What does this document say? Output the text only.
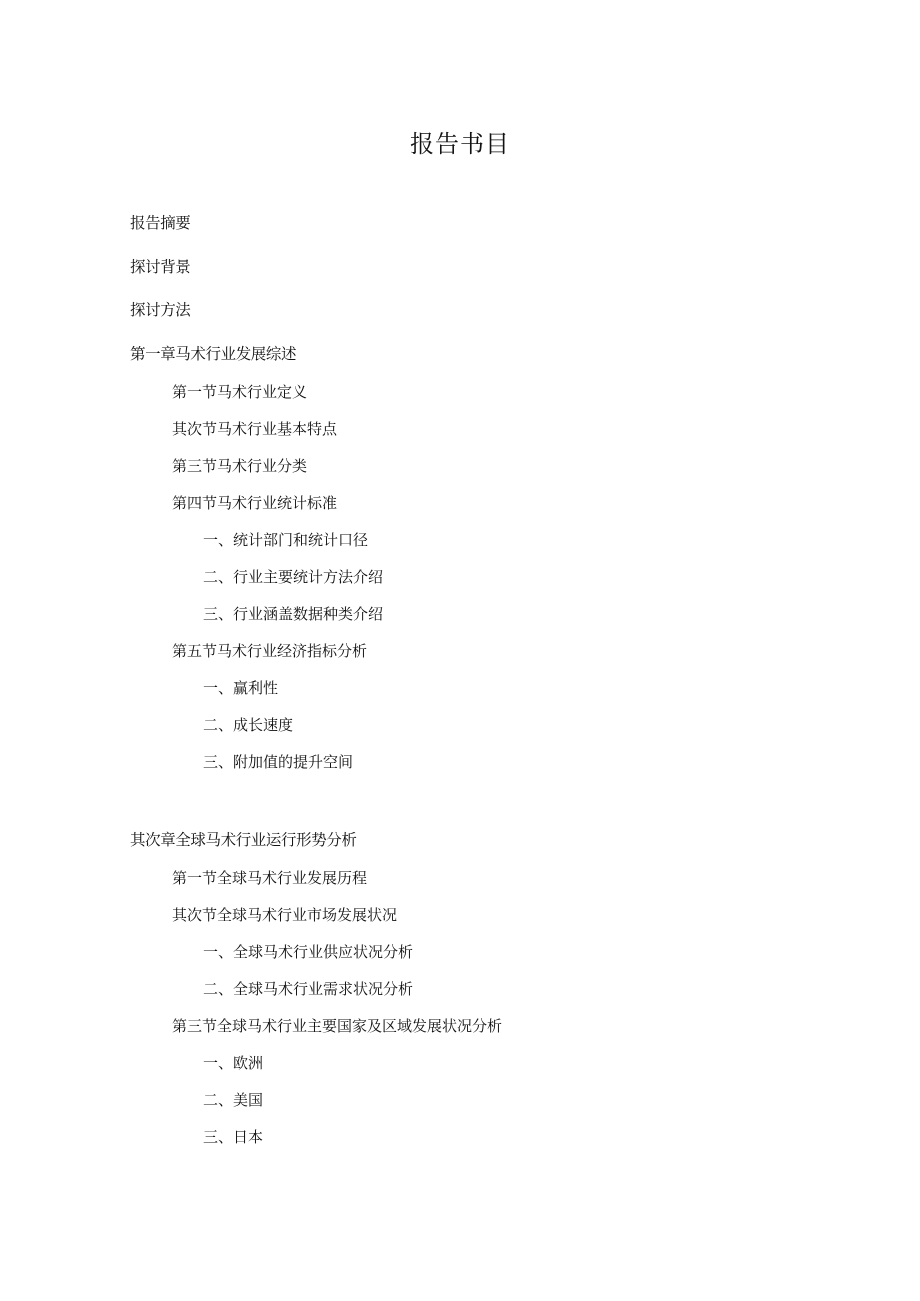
报告书目
报告摘要
探讨背景
探讨方法
第一章马术行业发展综述
第一节马术行业定义
其次节马术行业基本特点
第三节马术行业分类
第四节马术行业统计标准
一、统计部门和统计口径
二、行业主要统计方法介绍
三、行业涵盖数据种类介绍
第五节马术行业经济指标分析
一、赢利性
二、成长速度
三、附加值的提升空间
其次章全球马术行业运行形势分析
第一节全球马术行业发展历程
其次节全球马术行业市场发展状况
一、全球马术行业供应状况分析
二、全球马术行业需求状况分析
第三节全球马术行业主要国家及区域发展状况分析
一、欧洲
二、美国
三、日本
